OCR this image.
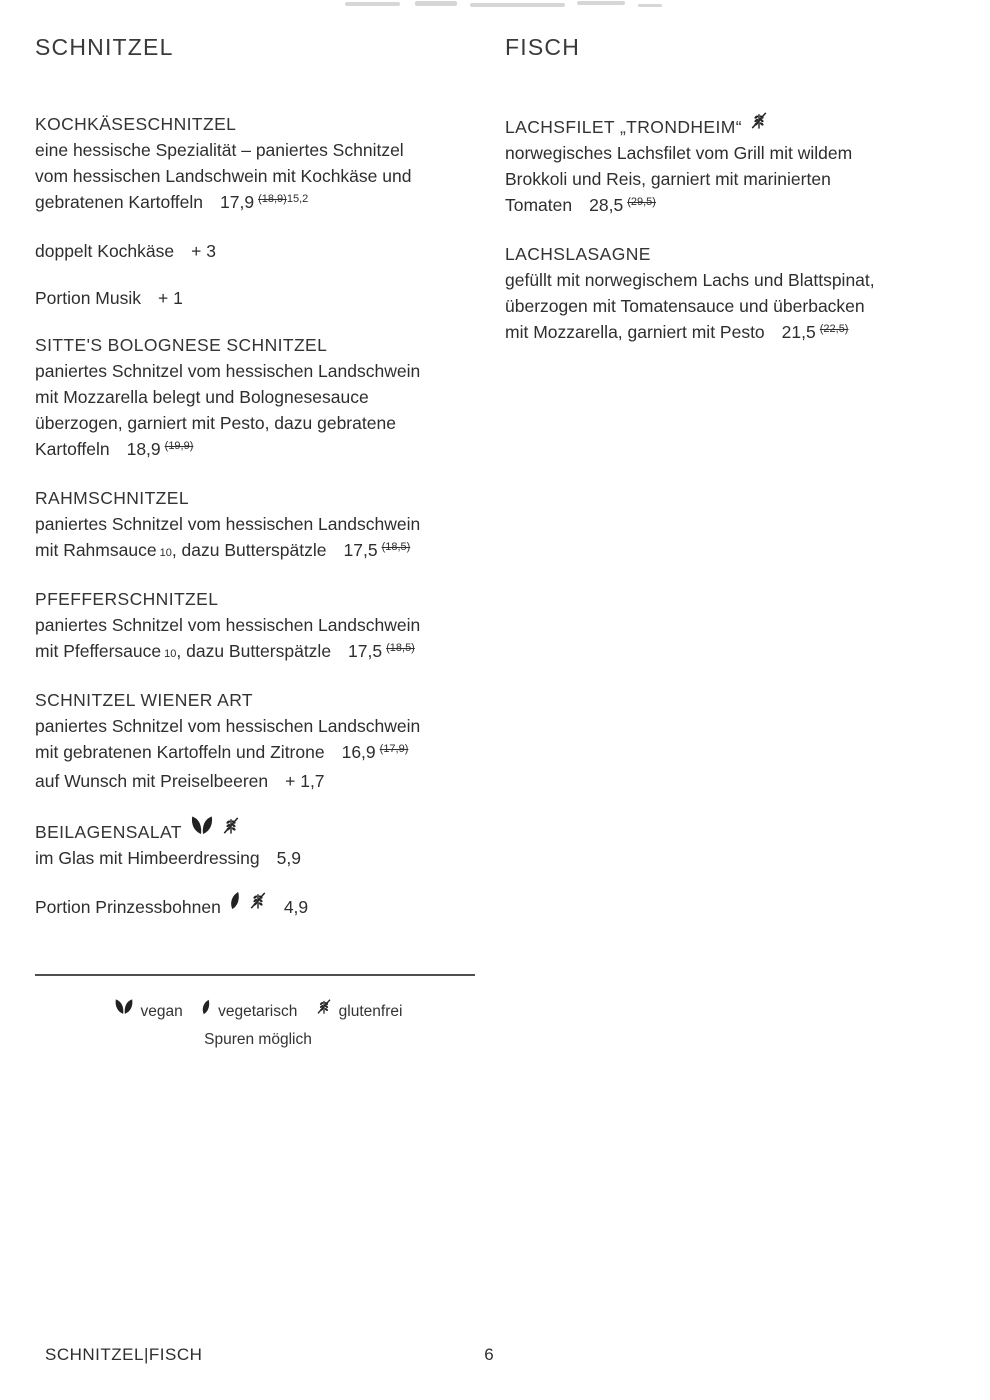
SCHNITZEL
KOCHKÄSESCHNITZEL

eine hessische Spezialität – paniertes Schnitzel
vom hessischen Landschwein mit Kochkäse und
gebratenen Kartoffeln 17,9 $^{(18,9)15,2}$

doppelt Kochkäse + 3

Portion Musik + 1

SITTE'S BOLOGNESE SCHNITZEL

paniertes Schnitzel vom hessischen Landschwein
mit Mozzarella belegt und Bolognesesauce
überzogen, garniert mit Pesto, dazu gebratene
Kartoffeln 18,9 $^{(19,9)}$

RAHMSCHNITZEL

paniertes Schnitzel vom hessischen Landschwein
mit Rahmsauce 10, dazu Butterspätzle 17,5 $^{(18,5)}$

PFEFFERSCHNITZEL

paniertes Schnitzel vom hessischen Landschwein
mit Pfeffersauce 10, dazu Butterspätzle 17,5 $^{(18,5)}$

SCHNITZEL WIENER ART

paniertes Schnitzel vom hessischen Landschwein
mit gebratenen Kartoffeln und Zitrone 16,9 $^{(17,9)}$
auf Wunsch mit Preiselbeeren + 1,7

BEILAGENSALAT

im Glas mit Himbeerdressing 5,9

Portion Prinzessbohnen	4,9

vegan vegetarisch	glutenfrei
Spuren möglich
FISCH
LACHSFILET „TRONDHEIM“

norwegisches Lachsfilet vom Grill mit wildem
Brokkoli und Reis, garniert mit marinierten
Tomaten 28,5 $^{(29,5)}$

LACHSLASAGNE

gefüllt mit norwegischem Lachs und Blattspinat,
überzogen mit Tomatensauce und überbacken
mit Mozzarella, garniert mit Pesto 21,5 $^{(22,5)}$

SCHNITZEL|FISCH	6
